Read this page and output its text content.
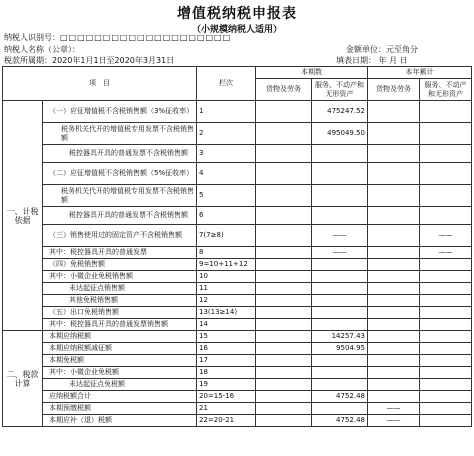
增值税纳税申报表
（小规模纳税人适用）
纳税人识别号：□□□□□□□□□□□□□□□□□□□□
纳税人名称（公章）：	金额单位：元至角分
税款所属期：2020年1月1日至2020年3月31日	填表日期： 年 月 日
项　目		栏次	本期数		本年累计	
			货物及劳务	服务、不动产和无形资产	货物及劳务	服务、不动产和无形资产
一、计税依据	（一）应征增值税不含税销售额（3%征收率）	1		475247.52		
	税务机关代开的增值税专用发票不含税销售额	2		495049.50		
	税控器具开具的普通发票不含税销售额	3				
	（二）应征增值税不含税销售额（5%征收率）	4				
	税务机关代开的增值税专用发票不含税销售额	5				
	税控器具开具的普通发票不含税销售额	6				
	（三）销售使用过的固定资产不含税销售额	7(7≥8)		——		——
	其中：税控器具开具的普通发票	8		——		——
	（四）免税销售额	9=10+11+12				
	其中：小微企业免税销售额	10				
	未达起征点销售额	11				
	其他免税销售额	12				
	（五）出口免税销售额	13(13≥14)				
	其中：税控器具开具的普通发票销售额	14				
二、税款计算	本期应纳税额	15		14257.43		
	本期应纳税额减征额	16		9504.95		
	本期免税额	17				
	其中：小微企业免税额	18				
	未达起征点免税额	19				
	应纳税额合计	20=15-16		4752.48		
	本期预缴税额	21			——	
	本期应补（退）税额	22=20-21		4752.48	——	
